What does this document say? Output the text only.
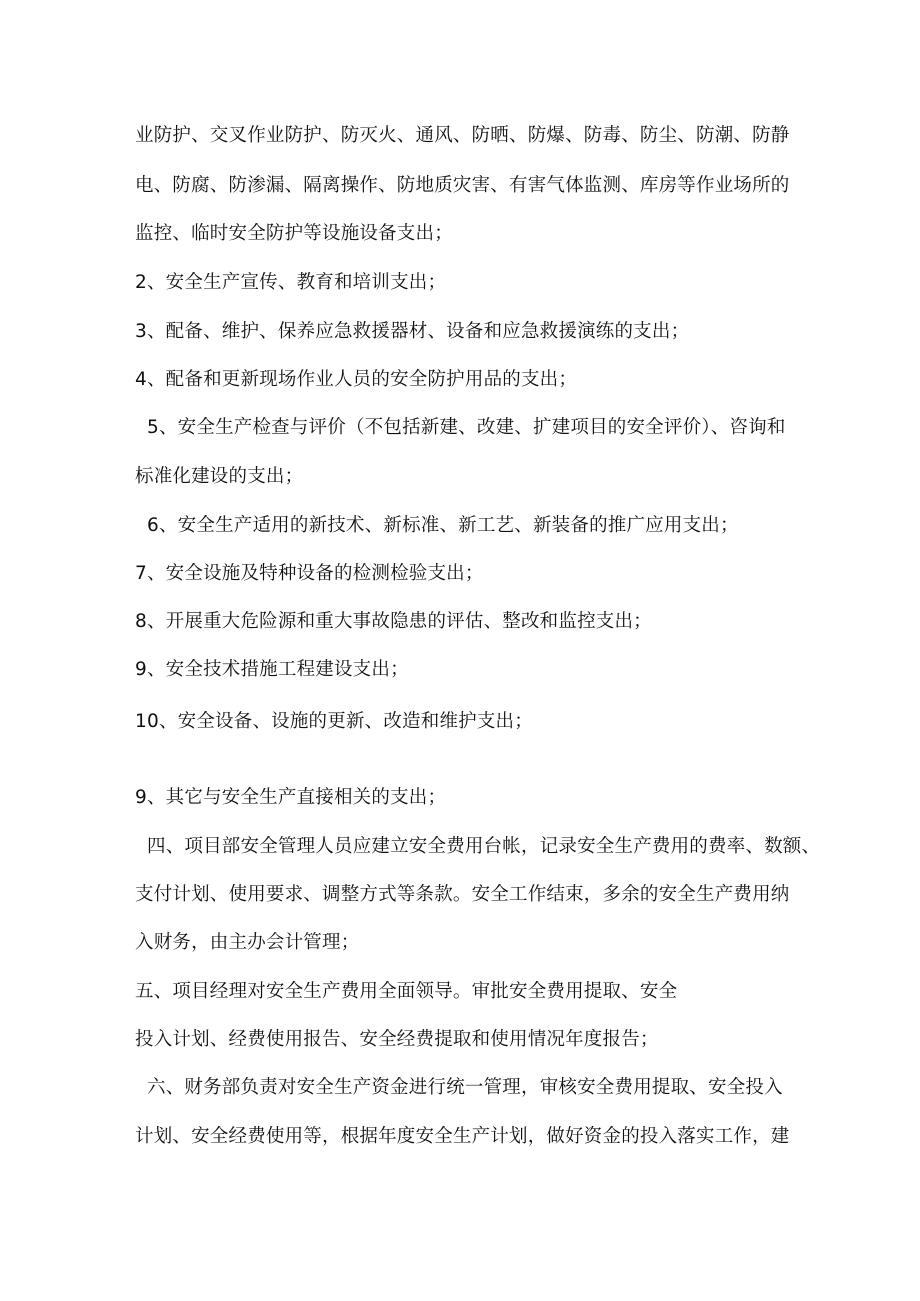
业防护、交叉作业防护、防灭火、通风、防晒、防爆、防毒、防尘、防潮、防静
电、防腐、防渗漏、隔离操作、防地质灾害、有害气体监测、库房等作业场所的
监控、临时安全防护等设施设备支出；
2、安全生产宣传、教育和培训支出；
3、配备、维护、保养应急救援器材、设备和应急救援演练的支出；
4、配备和更新现场作业人员的安全防护用品的支出；
5、安全生产检查与评价（不包括新建、改建、扩建项目的安全评价）、咨询和
标准化建设的支出；
6、安全生产适用的新技术、新标准、新工艺、新装备的推广应用支出；
7、安全设施及特种设备的检测检验支出；
8、开展重大危险源和重大事故隐患的评估、整改和监控支出；
9、安全技术措施工程建设支出；
10、安全设备、设施的更新、改造和维护支出；
9、其它与安全生产直接相关的支出；
四、项目部安全管理人员应建立安全费用台帐，记录安全生产费用的费率、数额、
支付计划、使用要求、调整方式等条款。安全工作结束，多余的安全生产费用纳
入财务，由主办会计管理；
五、项目经理对安全生产费用全面领导。审批安全费用提取、安全
投入计划、经费使用报告、安全经费提取和使用情况年度报告；
六、财务部负责对安全生产资金进行统一管理，审核安全费用提取、安全投入
计划、安全经费使用等，根据年度安全生产计划，做好资金的投入落实工作，建
